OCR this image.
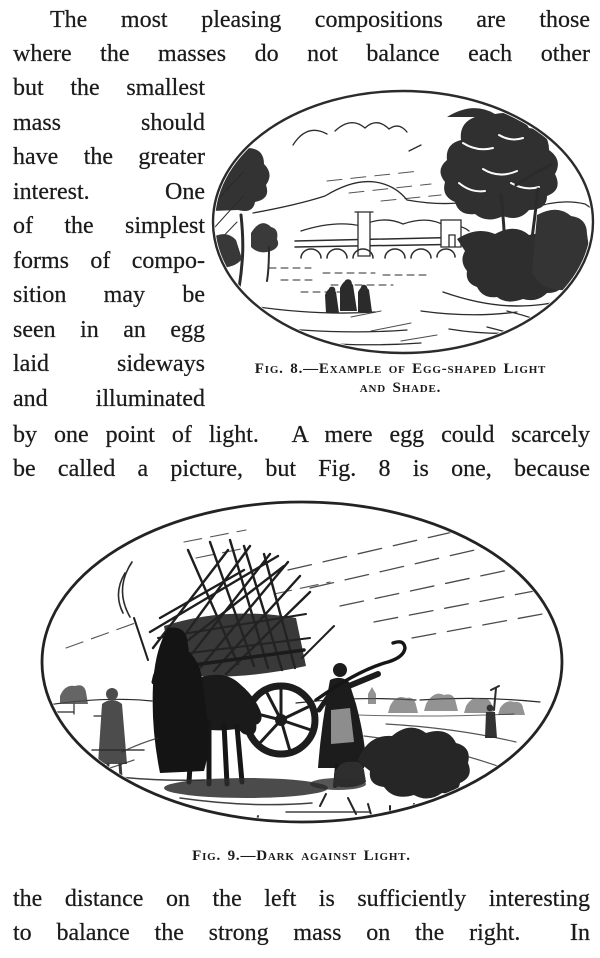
The most pleasing compositions are those
where the masses do not balance each other
but the smallest
mass should
have the greater
interest. One
of the simplest
forms of compo-
sition may be
seen in an egg
laid sideways
and illuminated
Fig. 8.—Example of Egg-shaped Light
and Shade.
by one point of light.  A mere egg could scarcely
be called a picture, but Fig. 8 is one, because
Fig. 9.—Dark against Light.
the distance on the left is sufficiently interesting
to balance the strong mass on the right.  In
